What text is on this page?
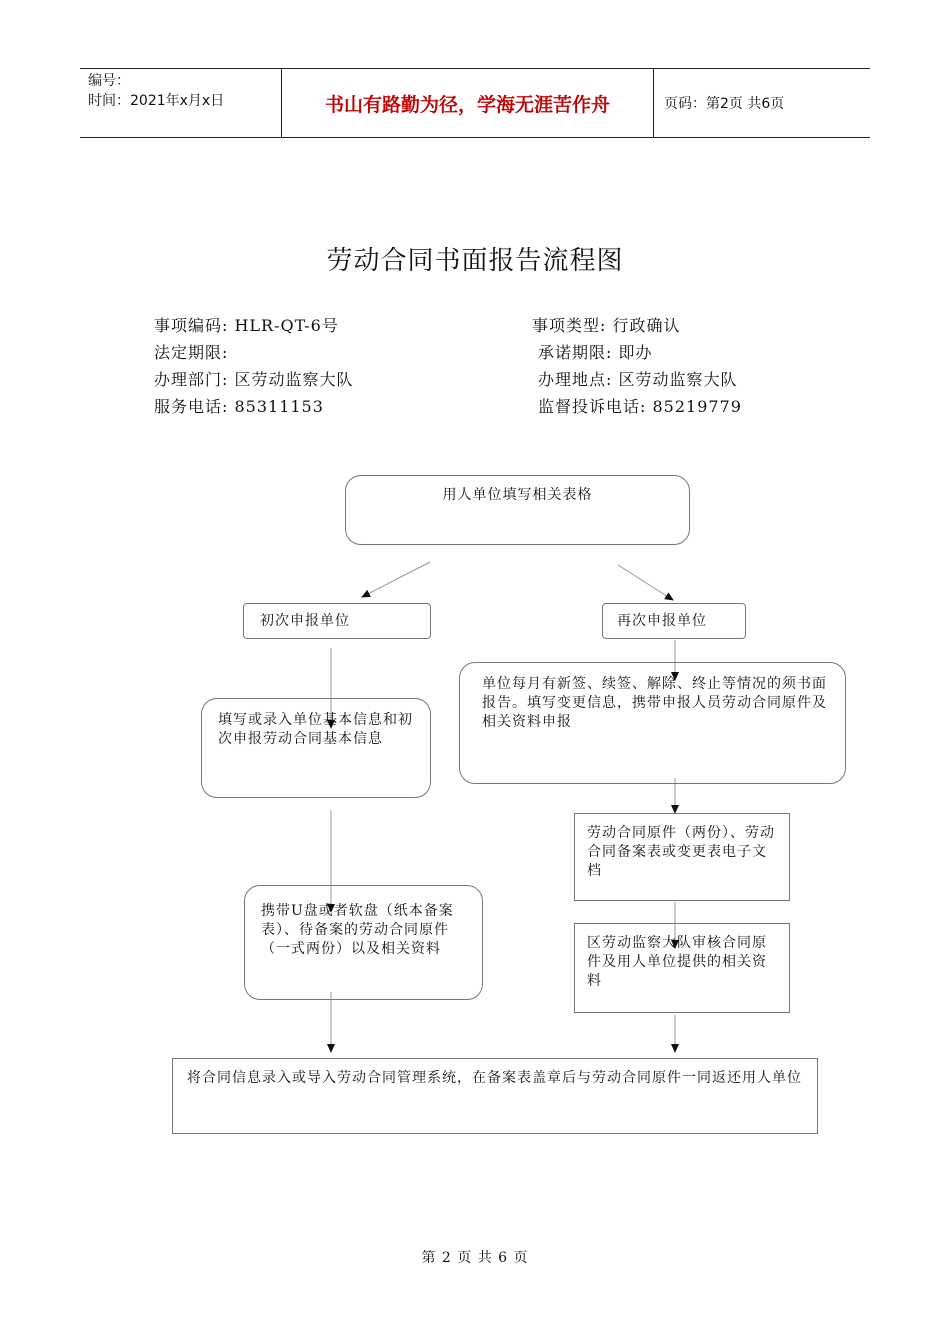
编号：
时间：2021年x月x日	书山有路勤为径，学海无涯苦作舟	页码：第2页 共6页
劳动合同书面报告流程图
事项编码: HLR-QT-6号
法定期限:
办理部门: 区劳动监察大队
服务电话: 85311153
事项类型: 行政确认
承诺期限: 即办
办理地点: 区劳动监察大队
监督投诉电话: 85219779
用人单位填写相关表格
初次申报单位	再次申报单位
单位每月有新签、续签、解除、终止等情况的须书面报告。填写变更信息，携带申报人员劳动合同原件及相关资料申报
填写或录入单位基本信息和初次申报劳动合同基本信息
劳动合同原件（两份）、劳动合同备案表或变更表电子文档
携带U盘或者软盘（纸本备案表）、待备案的劳动合同原件（一式两份）以及相关资料	区劳动监察大队审核合同原件及用人单位提供的相关资料
将合同信息录入或导入劳动合同管理系统，在备案表盖章后与劳动合同原件一同返还用人单位
第 2 页 共 6 页
